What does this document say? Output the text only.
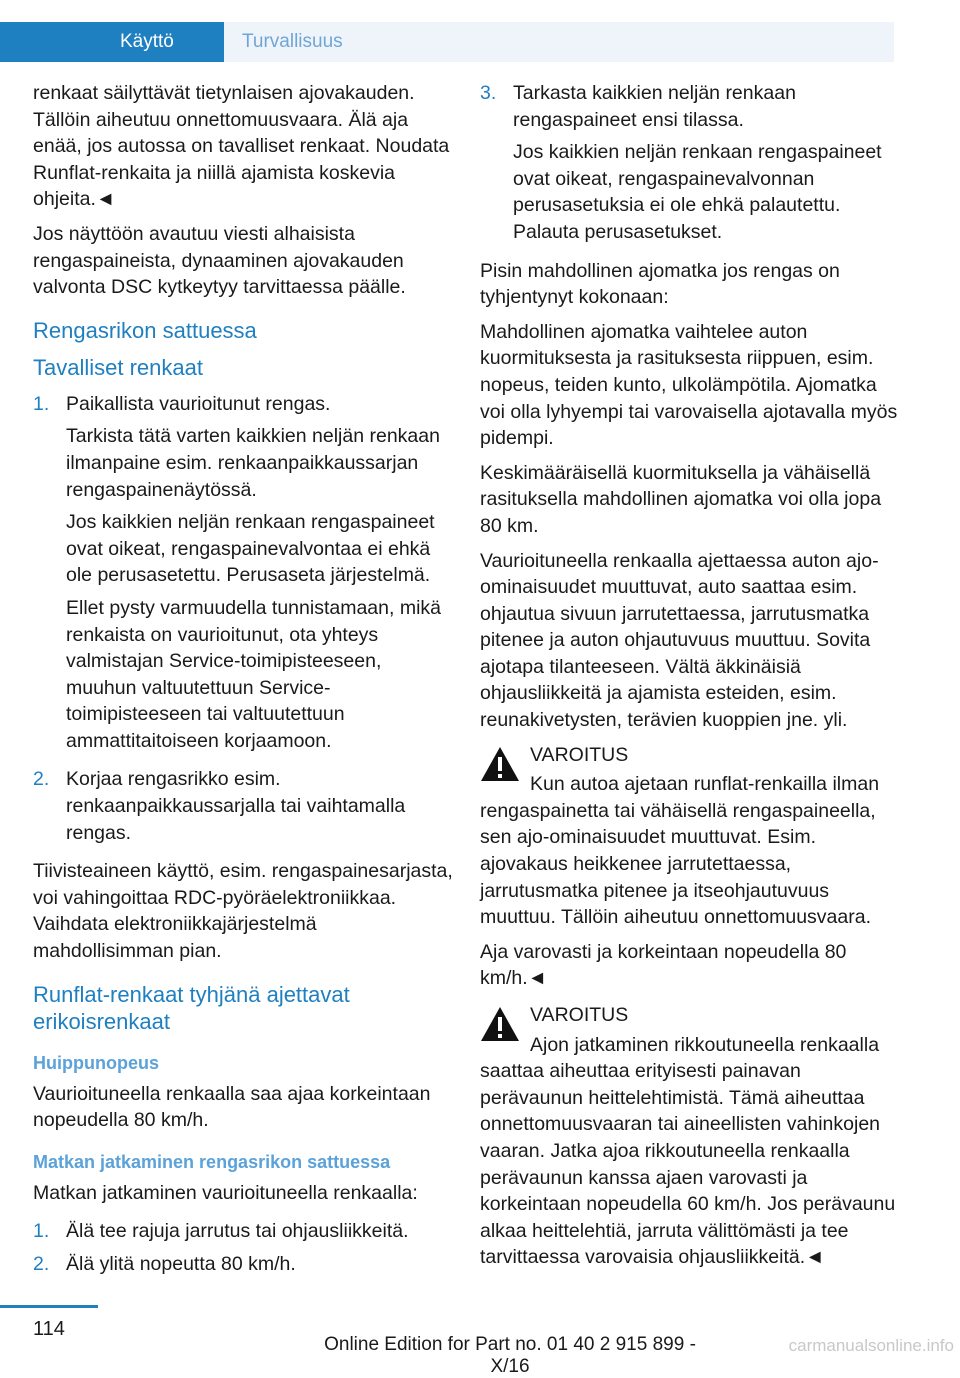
Käyttö	Turvallisuus

renkaat säilyttävät tietynlaisen ajovakauden. Tällöin aiheutuu onnettomuusvaara. Älä aja enää, jos autossa on tavalliset renkaat. Noudata Runflat-renkaita ja niillä ajamista koskevia ohjeita.◄

Jos näyttöön avautuu viesti alhaisista rengaspaineista, dynaaminen ajovakauden valvonta DSC kytkeytyy tarvittaessa päälle.

Rengasrikon sattuessa
Tavalliset renkaat
1. Paikallista vaurioitunut rengas.

Tarkista tätä varten kaikkien neljän renkaan ilmanpaine esim. renkaanpaikkaussarjan rengaspainenäytössä.

Jos kaikkien neljän renkaan rengaspaineet ovat oikeat, rengaspainevalvontaa ei ehkä ole perusasetettu. Perusaseta järjestelmä.

Ellet pysty varmuudella tunnistamaan, mikä renkaista on vaurioitunut, ota yhteys valmistajan Service-toimipisteeseen, muuhun valtuutettuun Service-toimipisteeseen tai valtuutettuun ammattitaitoiseen korjaamoon.

2. Korjaa rengasrikko esim. renkaanpaikkaussarjalla tai vaihtamalla rengas.

Tiivisteaineen käyttö, esim. rengaspainesarjasta, voi vahingoittaa RDC-pyöräelektroniikkaa. Vaihdata elektroniikkajärjestelmä mahdollisimman pian.

Runflat-renkaat tyhjänä ajettavat erikoisrenkaat
Huippunopeus

Vaurioituneella renkaalla saa ajaa korkeintaan nopeudella 80 km/h.

Matkan jatkaminen rengasrikon sattuessa

Matkan jatkaminen vaurioituneella renkaalla:

1. Älä tee rajuja jarrutus tai ohjausliikkeitä.
2. Älä ylitä nopeutta 80 km/h.
3. Tarkasta kaikkien neljän renkaan rengaspaineet ensi tilassa.

Jos kaikkien neljän renkaan rengaspaineet ovat oikeat, rengaspainevalvonnan perusasetuksia ei ole ehkä palautettu. Palauta perusasetukset.

Pisin mahdollinen ajomatka jos rengas on tyhjentynyt kokonaan:

Mahdollinen ajomatka vaihtelee auton kuormituksesta ja rasituksesta riippuen, esim. nopeus, teiden kunto, ulkolämpötila. Ajomatka voi olla lyhyempi tai varovaisella ajotavalla myös pidempi.

Keskimääräisellä kuormituksella ja vähäisellä rasituksella mahdollinen ajomatka voi olla jopa 80 km.

Vaurioituneella renkaalla ajettaessa auton ajo-ominaisuudet muuttuvat, auto saattaa esim. ohjautua sivuun jarrutettaessa, jarrutusmatka pitenee ja auton ohjautuvuus muuttuu. Sovita ajotapa tilanteeseen. Vältä äkkinäisiä ohjausliikkeitä ja ajamista esteiden, esim. reunakivetysten, terävien kuoppien jne. yli.

VAROITUS
Kun autoa ajetaan runflat-renkailla ilman

rengaspainetta tai vähäisellä rengaspaineella, sen ajo-ominaisuudet muuttuvat. Esim. ajovakaus heikkenee jarrutettaessa, jarrutusmatka pitenee ja itseohjautuvuus muuttuu. Tällöin aiheutuu onnettomuusvaara.

Aja varovasti ja korkeintaan nopeudella 80 km/h.◄

VAROITUS
Ajon jatkaminen rikkoutuneella renkaalla

saattaa aiheuttaa erityisesti painavan perävaunun heittelehtimistä. Tämä aiheuttaa onnettomuusvaaran tai aineellisten vahinkojen vaaran. Jatka ajoa rikkoutuneella renkaalla perävaunun kanssa ajaen varovasti ja korkeintaan nopeudella 60 km/h. Jos perävaunu alkaa heittelehtiä, jarruta välittömästi ja tee tarvittaessa varovaisia ohjausliikkeitä.◄

114
Online Edition for Part no. 01 40 2 915 899 - X/16
carmanualsonline.info
